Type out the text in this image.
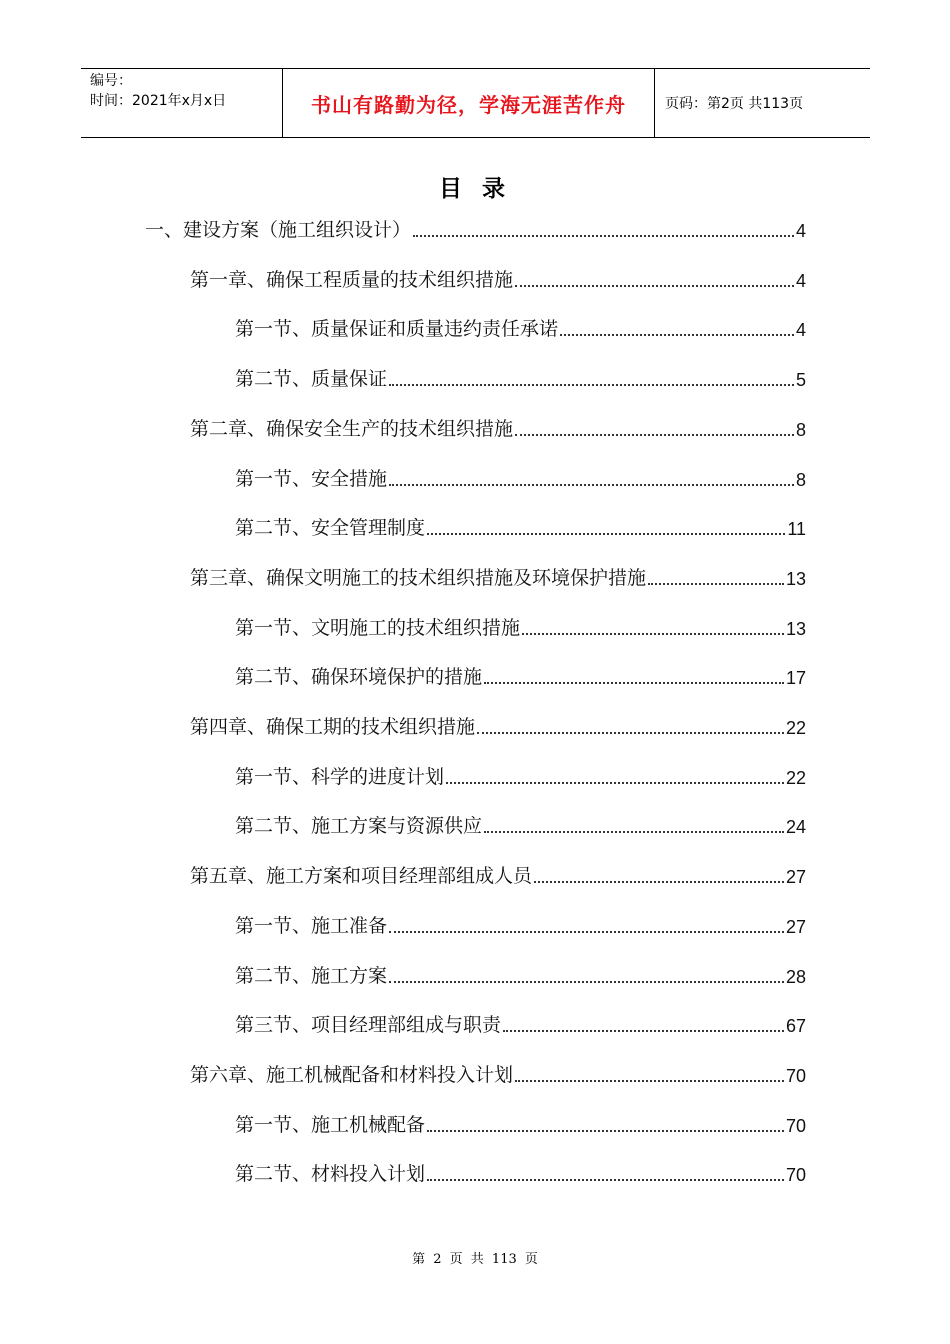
编号：
时间：2021年x月x日	书山有路勤为径，学海无涯苦作舟	页码：第2页 共113页
目 录
一、建设方案（施工组织设计）	4
第一章、确保工程质量的技术组织措施	4
第一节、质量保证和质量违约责任承诺	4
第二节、质量保证	5
第二章、确保安全生产的技术组织措施	8
第一节、安全措施	8
第二节、安全管理制度	11
第三章、确保文明施工的技术组织措施及环境保护措施	13
第一节、文明施工的技术组织措施	13
第二节、确保环境保护的措施	17
第四章、确保工期的技术组织措施	22
第一节、科学的进度计划	22
第二节、施工方案与资源供应	24
第五章、施工方案和项目经理部组成人员	27
第一节、施工准备	27
第二节、施工方案	28
第三节、项目经理部组成与职责	67
第六章、施工机械配备和材料投入计划	70
第一节、施工机械配备	70
第二节、材料投入计划	70
第 2 页 共 113 页
